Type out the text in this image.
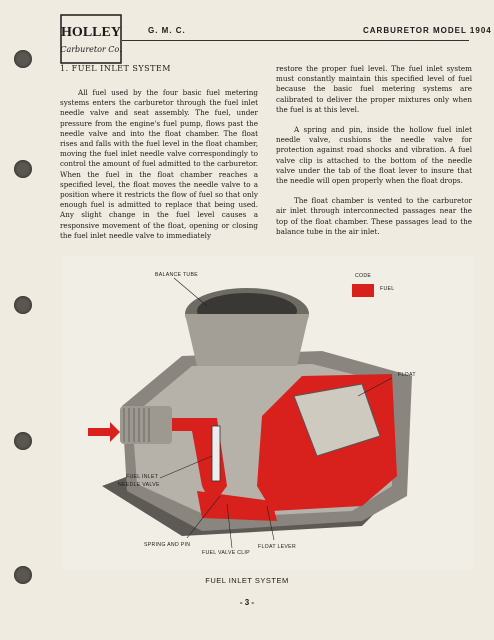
HOLLEY
Carburetor Co.
G. M. C.	CARBURETOR MODEL 1904
1. FUEL INLET SYSTEM

All fuel used by the four basic fuel metering systems enters the carburetor through the fuel inlet needle valve and seat assembly. The fuel, under pressure from the engine's fuel pump, flows past the needle valve and into the float chamber. The float rises and falls with the fuel level in the float chamber, moving the fuel inlet needle valve correspondingly to control the amount of fuel admitted to the carburetor. When the fuel in the float chamber reaches a specified level, the float moves the needle valve to a position where it restricts the flow of fuel so that only enough fuel is admitted to replace that being used. Any slight change in the fuel level causes a responsive movement of the float, opening or closing the fuel inlet needle valve to immediately

restore the proper fuel level. The fuel inlet system must constantly maintain this specified level of fuel because the basic fuel metering systems are calibrated to deliver the proper mixtures only when the fuel is at this level.

A spring and pin, inside the hollow fuel inlet needle valve, cushions the needle valve for protection against road shocks and vibration. A fuel valve clip is attached to the bottom of the needle valve under the tab of the float lever to insure that the needle will open properly when the float drops.

The float chamber is vented to the carburetor air inlet through interconnected passages near the top of the float chamber. These passages lead to the balance tube in the air inlet.

BALANCE TUBE	CODE
FUEL
FLOAT
FUEL INLET
NEEDLE VALVE
SPRING AND PIN
FUEL VALVE CLIP
FLOAT LEVER
FUEL INLET SYSTEM
- 3 -
